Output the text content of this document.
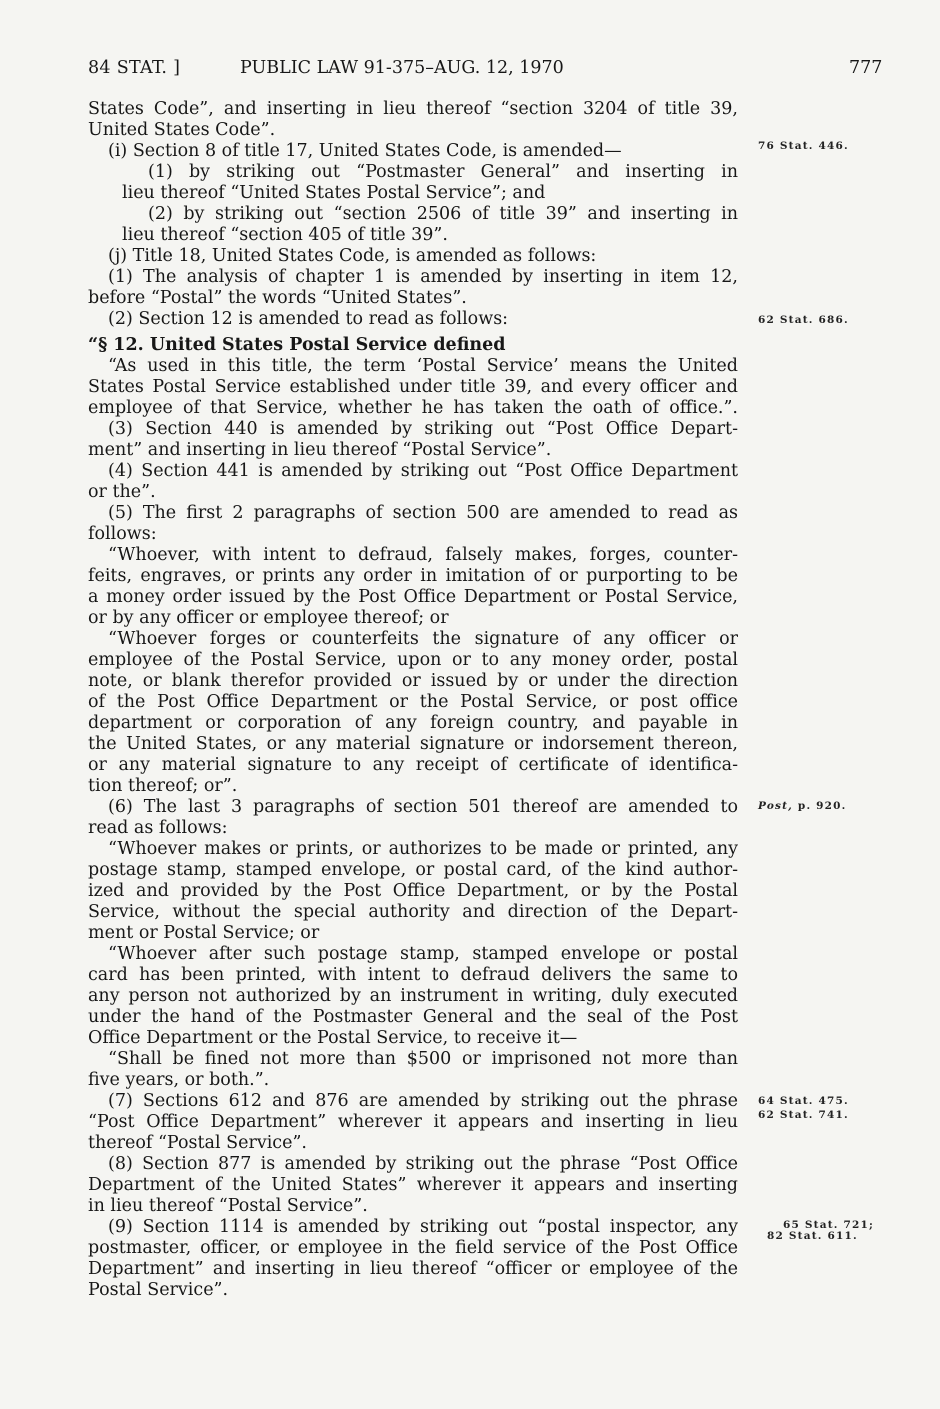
84 STAT. ]	PUBLIC LAW 91-375–AUG. 12, 1970	777
States Code”, and inserting in lieu thereof “section 3204 of title 39,
United States Code”.
76 Stat. 446.
(i) Section 8 of title 17, United States Code, is amended—
(1) by striking out “Postmaster General” and inserting in
lieu thereof “United States Postal Service”; and
(2) by striking out “section 2506 of title 39” and inserting in
lieu thereof “section 405 of title 39”.
(j) Title 18, United States Code, is amended as follows:
(1) The analysis of chapter 1 is amended by inserting in item 12,
before “Postal” the words “United States”.
62 Stat. 686.
(2) Section 12 is amended to read as follows:
“§ 12. United States Postal Service defined
“As used in this title, the term ‘Postal Service’ means the United
States Postal Service established under title 39, and every officer and
employee of that Service, whether he has taken the oath of office.”.
(3) Section 440 is amended by striking out “Post Office Depart-
ment” and inserting in lieu thereof “Postal Service”.
(4) Section 441 is amended by striking out “Post Office Department
or the”.
(5) The first 2 paragraphs of section 500 are amended to read as
follows:
“Whoever, with intent to defraud, falsely makes, forges, counter-
feits, engraves, or prints any order in imitation of or purporting to be
a money order issued by the Post Office Department or Postal Service,
or by any officer or employee thereof; or
“Whoever forges or counterfeits the signature of any officer or
employee of the Postal Service, upon or to any money order, postal
note, or blank therefor provided or issued by or under the direction
of the Post Office Department or the Postal Service, or post office
department or corporation of any foreign country, and payable in
the United States, or any material signature or indorsement thereon,
or any material signature to any receipt of certificate of identifica-
tion thereof; or”.
Post, p. 920.
(6) The last 3 paragraphs of section 501 thereof are amended to
read as follows:
“Whoever makes or prints, or authorizes to be made or printed, any
postage stamp, stamped envelope, or postal card, of the kind author-
ized and provided by the Post Office Department, or by the Postal
Service, without the special authority and direction of the Depart-
ment or Postal Service; or
“Whoever after such postage stamp, stamped envelope or postal
card has been printed, with intent to defraud delivers the same to
any person not authorized by an instrument in writing, duly executed
under the hand of the Postmaster General and the seal of the Post
Office Department or the Postal Service, to receive it—
“Shall be fined not more than $500 or imprisoned not more than
five years, or both.”.
64 Stat. 475.
62 Stat. 741.
(7) Sections 612 and 876 are amended by striking out the phrase
“Post Office Department” wherever it appears and inserting in lieu
thereof “Postal Service”.
(8) Section 877 is amended by striking out the phrase “Post Office
Department of the United States” wherever it appears and inserting
in lieu thereof “Postal Service”.
65 Stat. 721;
82 Stat. 611.
(9) Section 1114 is amended by striking out “postal inspector, any
postmaster, officer, or employee in the field service of the Post Office
Department” and inserting in lieu thereof “officer or employee of the
Postal Service”.
